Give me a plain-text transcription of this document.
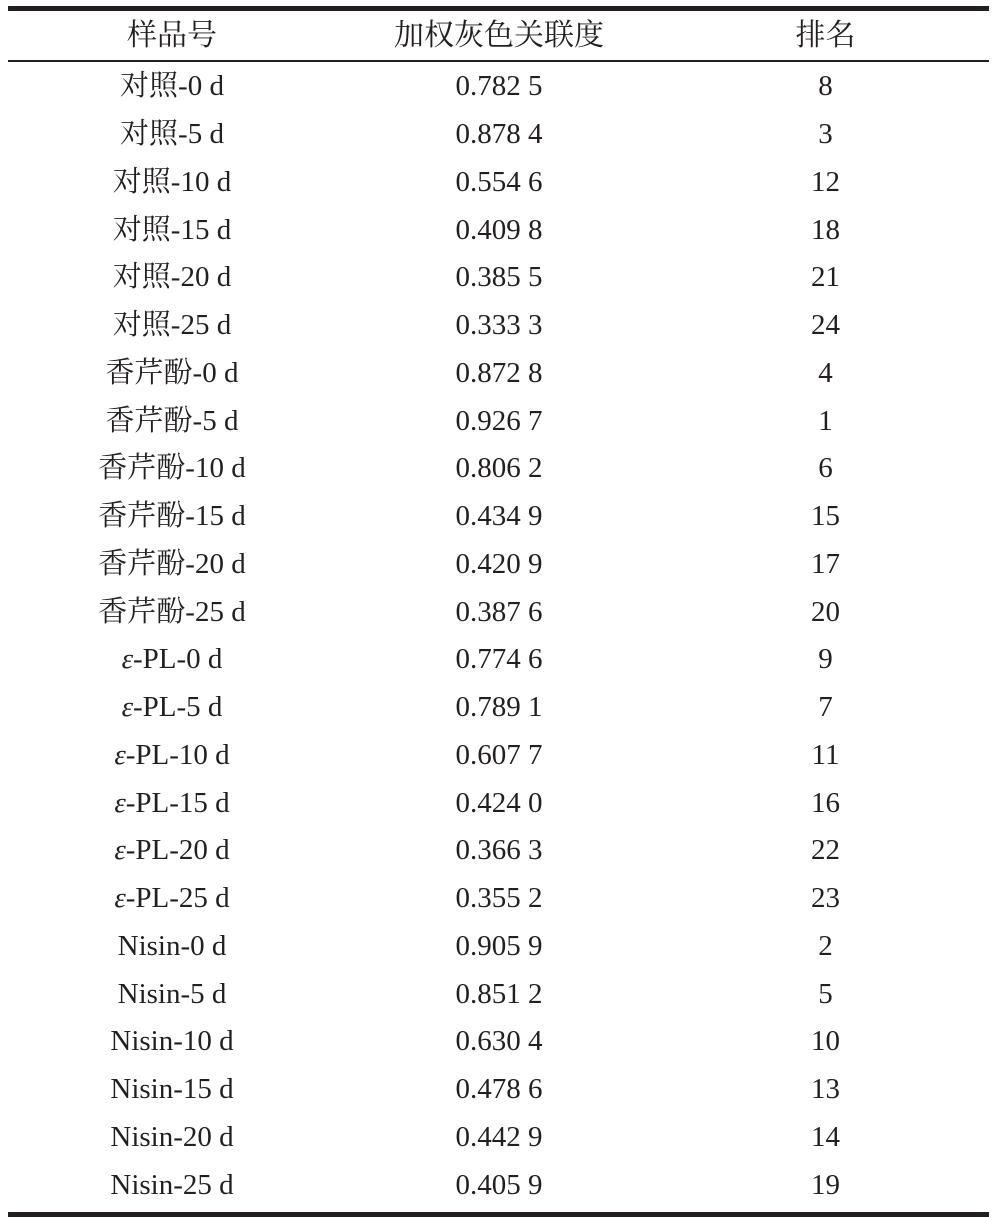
样品号	加权灰色关联度	排名
对照-0 d	0.782 5	8
对照-5 d	0.878 4	3
对照-10 d	0.554 6	12
对照-15 d	0.409 8	18
对照-20 d	0.385 5	21
对照-25 d	0.333 3	24
香芹酚-0 d	0.872 8	4
香芹酚-5 d	0.926 7	1
香芹酚-10 d	0.806 2	6
香芹酚-15 d	0.434 9	15
香芹酚-20 d	0.420 9	17
香芹酚-25 d	0.387 6	20
ε-PL-0 d	0.774 6	9
ε-PL-5 d	0.789 1	7
ε-PL-10 d	0.607 7	11
ε-PL-15 d	0.424 0	16
ε-PL-20 d	0.366 3	22
ε-PL-25 d	0.355 2	23
Nisin-0 d	0.905 9	2
Nisin-5 d	0.851 2	5
Nisin-10 d	0.630 4	10
Nisin-15 d	0.478 6	13
Nisin-20 d	0.442 9	14
Nisin-25 d	0.405 9	19
